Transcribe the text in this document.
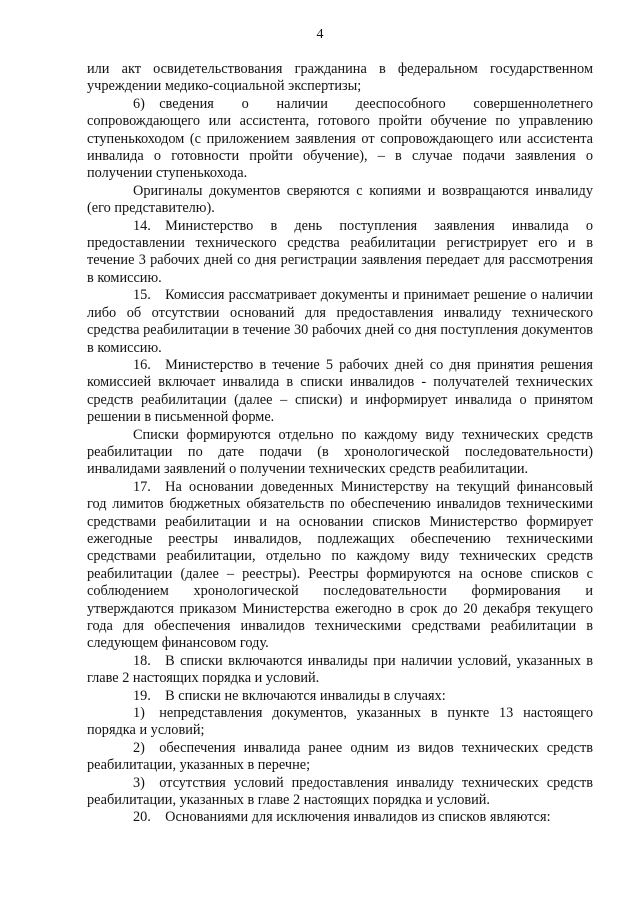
4

или акт освидетельствования гражданина в федеральном государственном учреждении медико-социальной экспертизы;

6) сведения о наличии дееспособного совершеннолетнего сопровождающего или ассистента, готового пройти обучение по управлению ступенькоходом (с приложением заявления от сопровождающего или ассистента инвалида о готовности пройти обучение), – в случае подачи заявления о получении ступенькохода.

Оригиналы документов сверяются с копиями и возвращаются инвалиду (его представителю).

14. Министерство в день поступления заявления инвалида о предоставлении технического средства реабилитации регистрирует его и в течение 3 рабочих дней со дня регистрации заявления передает для рассмотрения в комиссию.

15. Комиссия рассматривает документы и принимает решение о наличии либо об отсутствии оснований для предоставления инвалиду технического средства реабилитации в течение 30 рабочих дней со дня поступления документов в комиссию.

16. Министерство в течение 5 рабочих дней со дня принятия решения комиссией включает инвалида в списки инвалидов - получателей технических средств реабилитации (далее – списки) и информирует инвалида о принятом решении в письменной форме.

Списки формируются отдельно по каждому виду технических средств реабилитации по дате подачи (в хронологической последовательности) инвалидами заявлений о получении технических средств реабилитации.

17. На основании доведенных Министерству на текущий финансовый год лимитов бюджетных обязательств по обеспечению инвалидов техническими средствами реабилитации и на основании списков Министерство формирует ежегодные реестры инвалидов, подлежащих обеспечению техническими средствами реабилитации, отдельно по каждому виду технических средств реабилитации (далее – реестры). Реестры формируются на основе списков с соблюдением хронологической последовательности формирования и утверждаются приказом Министерства ежегодно в срок до 20 декабря текущего года для обеспечения инвалидов техническими средствами реабилитации в следующем финансовом году.

18. В списки включаются инвалиды при наличии условий, указанных в главе 2 настоящих порядка и условий.

19. В списки не включаются инвалиды в случаях:

1) непредставления документов, указанных в пункте 13 настоящего порядка и условий;

2) обеспечения инвалида ранее одним из видов технических средств реабилитации, указанных в перечне;

3) отсутствия условий предоставления инвалиду технических средств реабилитации, указанных в главе 2 настоящих порядка и условий.

20. Основаниями для исключения инвалидов из списков являются:
